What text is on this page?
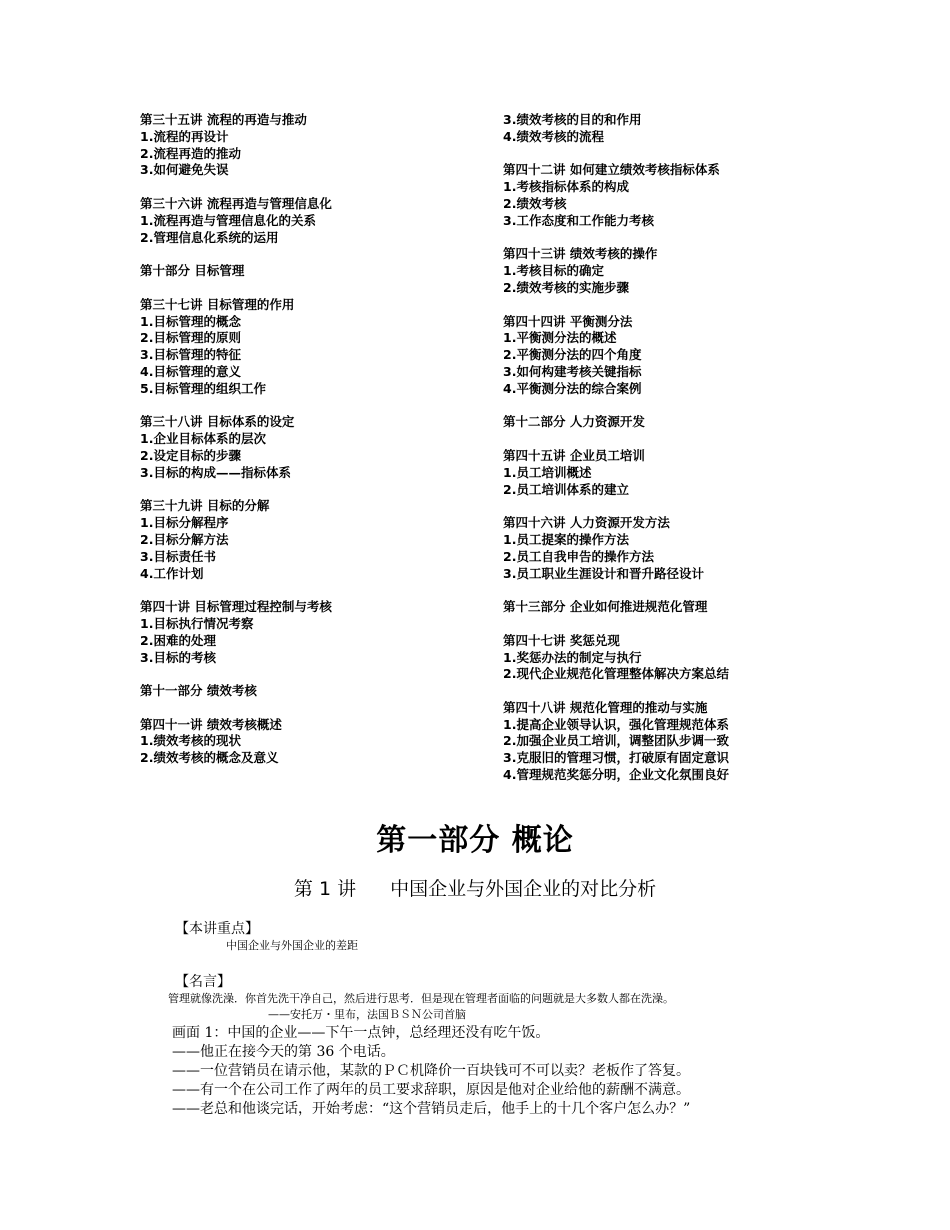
第三十五讲 流程的再造与推动
1.流程的再设计
2.流程再造的推动
3.如何避免失误
第三十六讲 流程再造与管理信息化
1.流程再造与管理信息化的关系
2.管理信息化系统的运用
第十部分 目标管理
第三十七讲 目标管理的作用
1.目标管理的概念
2.目标管理的原则
3.目标管理的特征
4.目标管理的意义
5.目标管理的组织工作
第三十八讲 目标体系的设定
1.企业目标体系的层次
2.设定目标的步骤
3.目标的构成——指标体系
第三十九讲 目标的分解
1.目标分解程序
2.目标分解方法
3.目标责任书
4.工作计划
第四十讲 目标管理过程控制与考核
1.目标执行情况考察
2.困难的处理
3.目标的考核
第十一部分 绩效考核
第四十一讲 绩效考核概述
1.绩效考核的现状
2.绩效考核的概念及意义
3.绩效考核的目的和作用
4.绩效考核的流程
第四十二讲 如何建立绩效考核指标体系
1.考核指标体系的构成
2.绩效考核
3.工作态度和工作能力考核
第四十三讲 绩效考核的操作
1.考核目标的确定
2.绩效考核的实施步骤
第四十四讲 平衡测分法
1.平衡测分法的概述
2.平衡测分法的四个角度
3.如何构建考核关键指标
4.平衡测分法的综合案例
第十二部分 人力资源开发
第四十五讲 企业员工培训
1.员工培训概述
2.员工培训体系的建立
第四十六讲 人力资源开发方法
1.员工提案的操作方法
2.员工自我申告的操作方法
3.员工职业生涯设计和晋升路径设计
第十三部分 企业如何推进规范化管理
第四十七讲 奖惩兑现
1.奖惩办法的制定与执行
2.现代企业规范化管理整体解决方案总结
第四十八讲 规范化管理的推动与实施
1.提高企业领导认识，强化管理规范体系
2.加强企业员工培训，调整团队步调一致
3.克服旧的管理习惯，打破原有固定意识
4.管理规范奖惩分明，企业文化氛围良好
第一部分 概论
第 1 讲 中国企业与外国企业的对比分析
【本讲重点】
中国企业与外国企业的差距
【名言】
管理就像洗澡．你首先洗干净自己，然后进行思考．但是现在管理者面临的问题就是大多数人都在洗澡。
——安托万・里布，法国ＢＳＮ公司首脑
画面 1：中国的企业——下午一点钟，总经理还没有吃午饭。
——他正在接今天的第 36 个电话。
——一位营销员在请示他，某款的ＰＣ机降价一百块钱可不可以卖？老板作了答复。
——有一个在公司工作了两年的员工要求辞职，原因是他对企业给他的薪酬不满意。
——老总和他谈完话，开始考虑：“这个营销员走后，他手上的十几个客户怎么办？”
